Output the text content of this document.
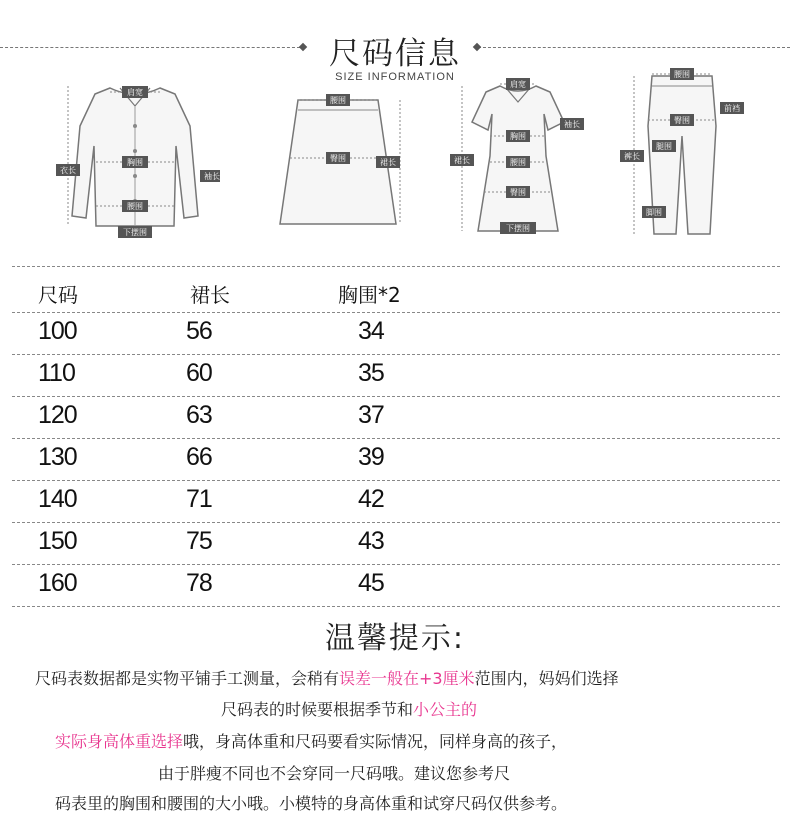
尺码信息
SIZE INFORMATION
肩宽
衣长
胸围
袖长
腰围
下摆围
腰围
臀围	裙长
肩宽
袖长
胸围
裙长	腰围
臀围
下摆围
腰围
前裆
臀围
腿围
裤长
脚围
尺码	裙长	胸围*2
100	56	34
110	60	35
120	63	37
130	66	39
140	71	42
150	75	43
160	78	45
温馨提示:
尺码表数据都是实物平铺手工测量，会稍有误差一般在+3厘米范围内，妈妈们选择
尺码表的时候要根据季节和小公主的
实际身高体重选择哦，身高体重和尺码要看实际情况，同样身高的孩子，
由于胖瘦不同也不会穿同一尺码哦。建议您参考尺
码表里的胸围和腰围的大小哦。小模特的身高体重和试穿尺码仅供参考。
